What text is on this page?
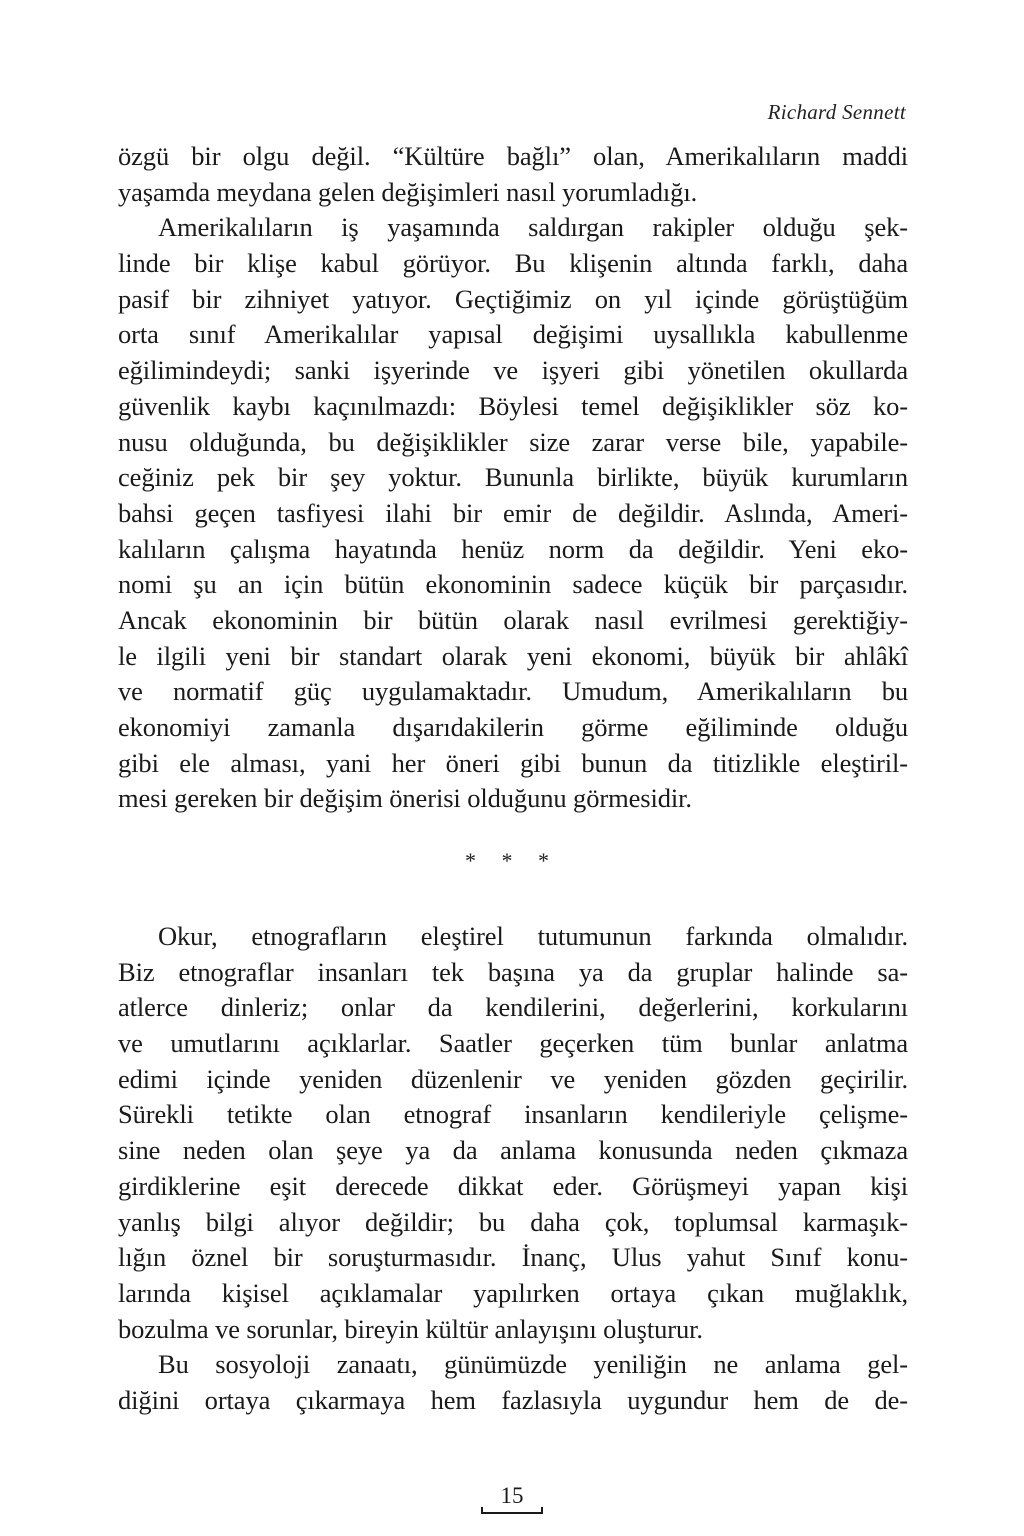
Richard Sennett
özgü bir olgu değil. “Kültüre bağlı” olan, Amerikalıların maddi
yaşamda meydana gelen değişimleri nasıl yorumladığı.
Amerikalıların iş yaşamında saldırgan rakipler olduğu şek-
linde bir klişe kabul görüyor. Bu klişenin altında farklı, daha
pasif bir zihniyet yatıyor. Geçtiğimiz on yıl içinde görüştüğüm
orta sınıf Amerikalılar yapısal değişimi uysallıkla kabullenme
eğilimindeydi; sanki işyerinde ve işyeri gibi yönetilen okullarda
güvenlik kaybı kaçınılmazdı: Böylesi temel değişiklikler söz ko-
nusu olduğunda, bu değişiklikler size zarar verse bile, yapabile-
ceğiniz pek bir şey yoktur. Bununla birlikte, büyük kurumların
bahsi geçen tasfiyesi ilahi bir emir de değildir. Aslında, Ameri-
kalıların çalışma hayatında henüz norm da değildir. Yeni eko-
nomi şu an için bütün ekonominin sadece küçük bir parçasıdır.
Ancak ekonominin bir bütün olarak nasıl evrilmesi gerektiğiy-
le ilgili yeni bir standart olarak yeni ekonomi, büyük bir ahlâkî
ve normatif güç uygulamaktadır. Umudum, Amerikalıların bu
ekonomiyi zamanla dışarıdakilerin görme eğiliminde olduğu
gibi ele alması, yani her öneri gibi bunun da titizlikle eleştiril-
mesi gereken bir değişim önerisi olduğunu görmesidir.
* * *
Okur, etnografların eleştirel tutumunun farkında olmalıdır.
Biz etnograflar insanları tek başına ya da gruplar halinde sa-
atlerce dinleriz; onlar da kendilerini, değerlerini, korkularını
ve umutlarını açıklarlar. Saatler geçerken tüm bunlar anlatma
edimi içinde yeniden düzenlenir ve yeniden gözden geçirilir.
Sürekli tetikte olan etnograf insanların kendileriyle çelişme-
sine neden olan şeye ya da anlama konusunda neden çıkmaza
girdiklerine eşit derecede dikkat eder. Görüşmeyi yapan kişi
yanlış bilgi alıyor değildir; bu daha çok, toplumsal karmaşık-
lığın öznel bir soruşturmasıdır. İnanç, Ulus yahut Sınıf konu-
larında kişisel açıklamalar yapılırken ortaya çıkan muğlaklık,
bozulma ve sorunlar, bireyin kültür anlayışını oluşturur.
Bu sosyoloji zanaatı, günümüzde yeniliğin ne anlama gel-
diğini ortaya çıkarmaya hem fazlasıyla uygundur hem de de-
15
